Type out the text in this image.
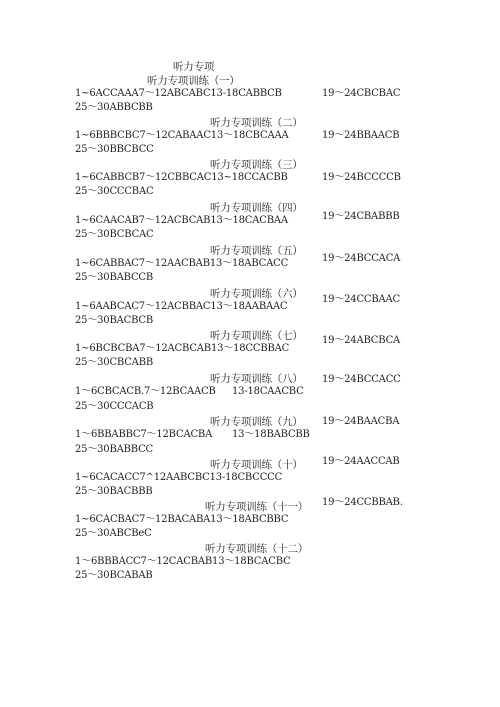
听力专项
听力专项训练（一）
1~6ACCAAA7～12ABCABC13-18CABBCB
25～30ABBCBB
听力专项训练（二）
1~6BBBCBC7～12CABAAC13～18CBCAAA
25～30BBCBCC
听力专项训练（三）
1~6CABBCB7～12CBBCAC13~18CCACBB
25～30CCCBAC
听力专项训练（四）
1~6CAACAB7～12ACBCAB13～18CACBAA
25～30BCBCAC
听力专项训练（五）
1~6CABBAC7～12AACBAB13～18ABCACC
25～30BABCCB
听力专项训练（六）
1~6AABCAC7～12ACBBAC13～18AABAAC
25～30BACBCB
听力专项训练（七）
1~6BCBCBA7～12ACBCAB13～18CCBBAC
25～30CBCABB
听力专项训练（八）
1～6CBCACB.7～12BCAACB 13-18CAACBC
25～30CCCACB
听力专项训练（九）
1～6BBABBC7～12BCACBA 13～18BABCBB
25～30BABBCC
听力专项训练（十）
1~6CACACC7^12AABCBC13-18CBCCCC
25～30BACBBB
听力专项训练（十一）
1~6CACBAC7～12BACABA13～18ABCBBC
25～30ABCBeC
听力专项训练（十二）
1～6BBBACC7～12CACBAB13～18BCACBC
25～30BCABAB
19～24CBCBAC
19～24BBAACB
19～24BCCCCB
19～24CBABBB
19～24BCCACA
19～24CCBAAC
19～24ABCBCA
19～24BCCACC
19～24BAACBA
19～24AACCAB
19～24CCBBAB.
